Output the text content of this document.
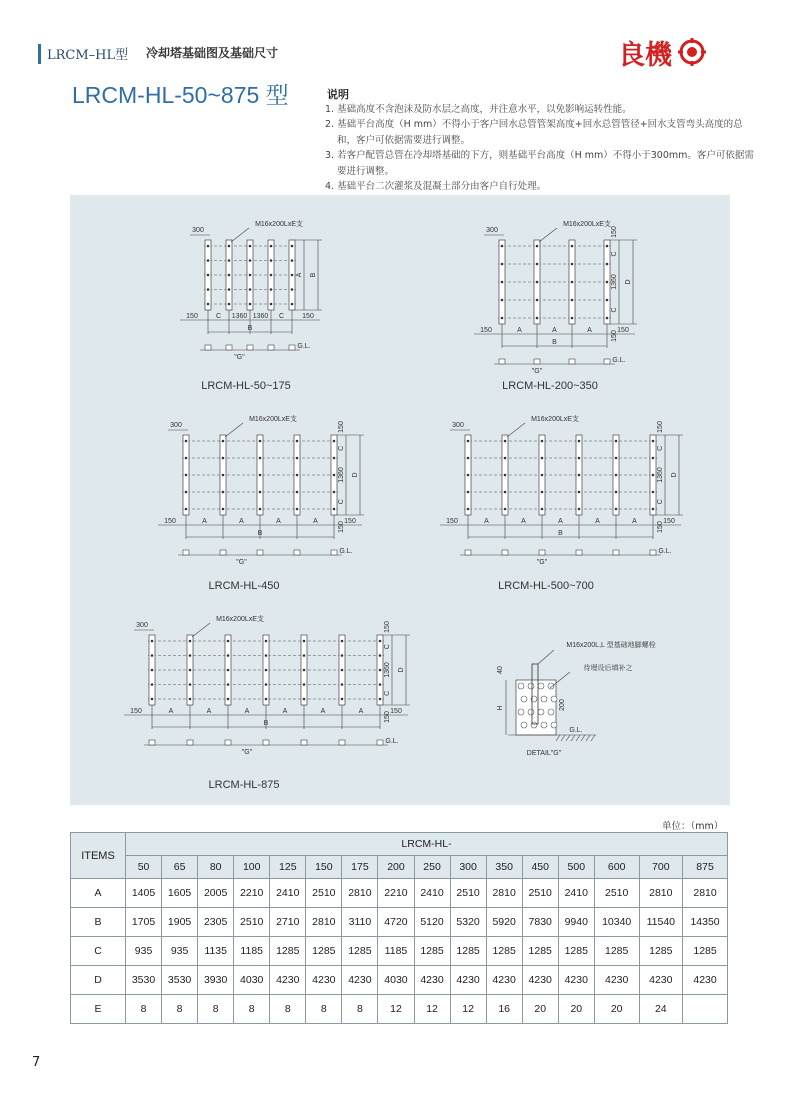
LRCM–HL型 冷却塔基础图及基础尺寸	良機
LRCM-HL-50~875 型	说明
1. 基础高度不含泡沫及防水层之高度，并注意水平，以免影响运转性能。
2. 基础平台高度（H mm）不得小于客户回水总管管架高度+回水总管管径+回水支管弯头高度的总和，客户可依据需要进行调整。
3. 若客户配管总管在冷却塔基础的下方，则基础平台高度（H mm）不得小于300mm。客户可依据需要进行调整。
4. 基础平台二次灌浆及混凝土部分由客户自行处理。
300
M16x200LxE支
A B
150	150
C 1360 1360 C
B
"G"
G.L.
LRCM-HL-50~175
300
M16x200LxE支
C
1360
C
D
150
150
150	150
A	A	A
B
"G"
G.L.
LRCM-HL-200~350
300
M16x200LxE支
C
1360
C
D
150
150
150	150
A	A	A	A
B
"G"
G.L.
LRCM-HL-450
300
M16x200LxE支
C
1360
C
D
150
150
150	150
A	A	A	A	A
B
"G"
G.L.
LRCM-HL-500~700
300
M16x200LxE支
C
1360
C
D
150
150
150	150
A	A	A	A	A	A
B
"G"
G.L.
LRCM-HL-875
G.L.
H
40
200
M16x200L,L 型基础地脚螺栓
待埋设后填补之
DETAIL"G"
单位：（mm）
ITEMS	LRCM-HL-															
	50	65	80	100	125	150	175	200	250	300	350	450	500	600	700	875
A	1405	1605	2005	2210	2410	2510	2810	2210	2410	2510	2810	2510	2410	2510	2810	2810
B	1705	1905	2305	2510	2710	2810	3110	4720	5120	5320	5920	7830	9940	10340	11540	14350
C	935	935	1135	1185	1285	1285	1285	1185	1285	1285	1285	1285	1285	1285	1285	1285
D	3530	3530	3930	4030	4230	4230	4230	4030	4230	4230	4230	4230	4230	4230	4230	4230
E	8	8	8	8	8	8	8	12	12	12	16	20	20	20	24	
7
